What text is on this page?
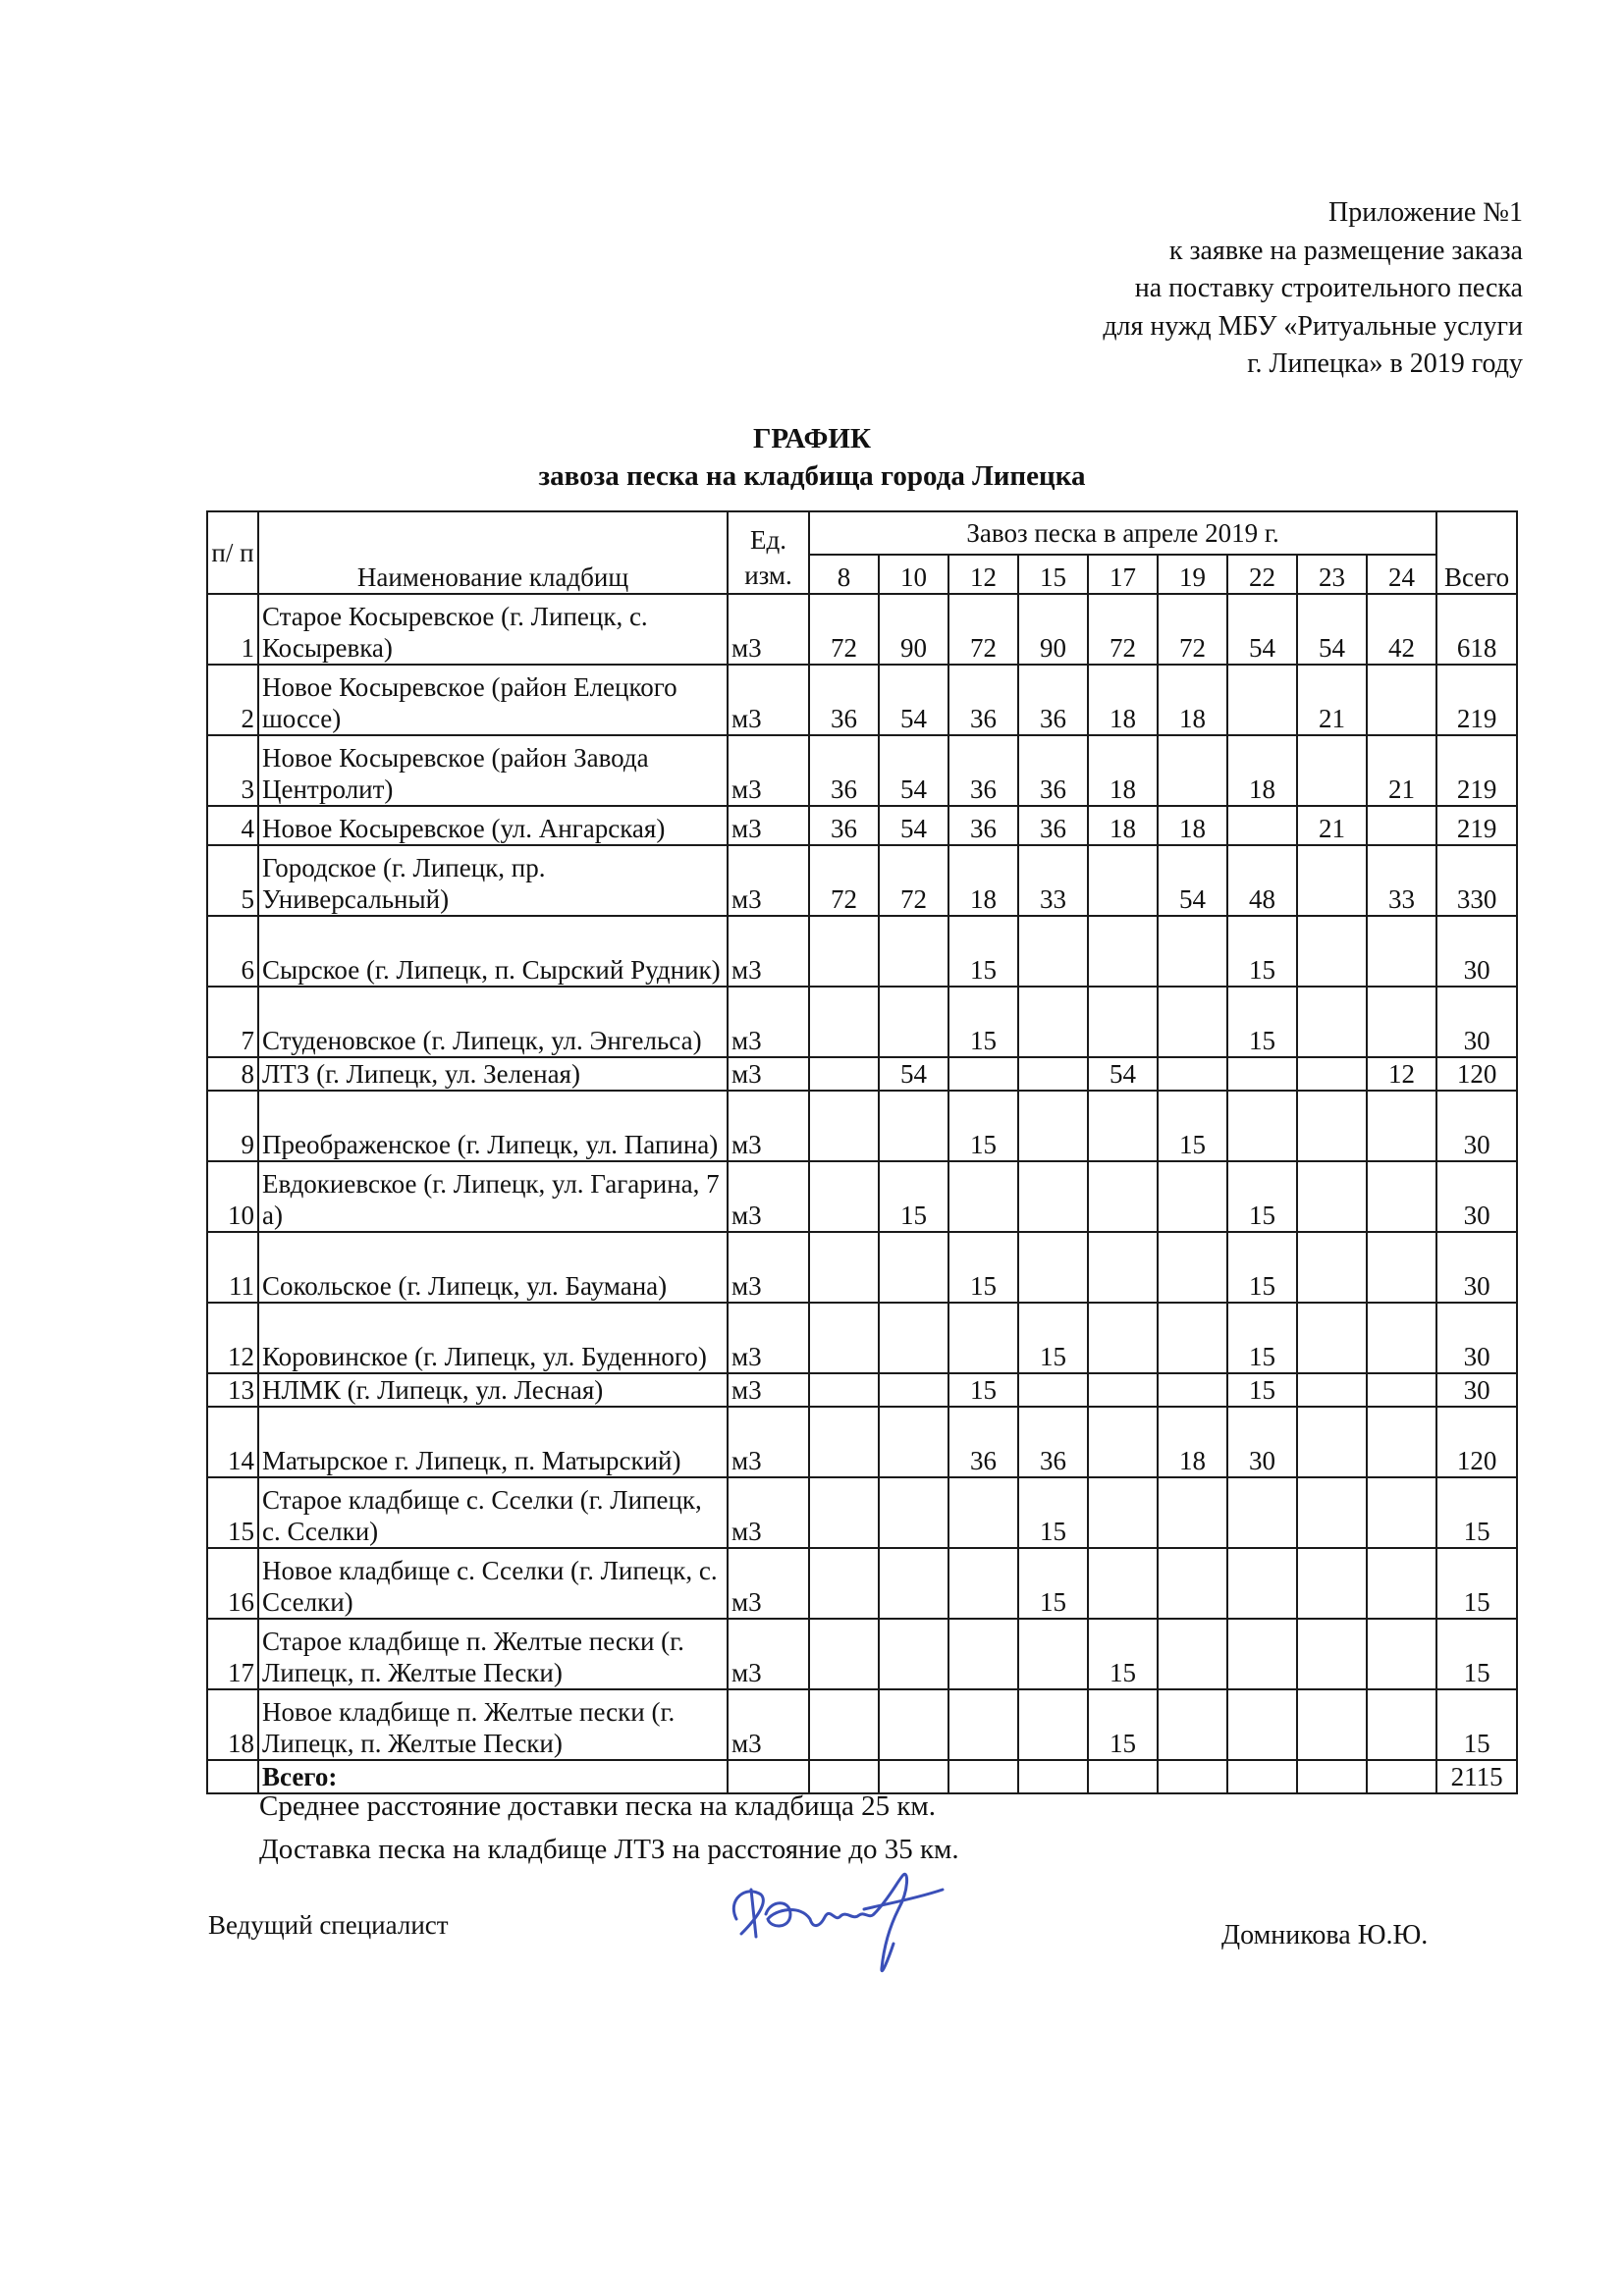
Приложение №1
к заявке на размещение заказа
на поставку строительного песка
для нужд МБУ «Ритуальные услуги
г. Липецка» в 2019 году
ГРАФИК
завоза песка на кладбища города Липецка
п/ п	Наименование кладбищ	Ед. изм.	Завоз песка в апреле 2019 г.									Всего
			8	10	12	15	17	19	22	23	24	
1	Старое Косыревское (г. Липецк, с. Косыревка)	м3	72	90	72	90	72	72	54	54	42	618
2	Новое Косыревское (район Елецкого шоссе)	м3	36	54	36	36	18	18		21		219
3	Новое Косыревское (район Завода Центролит)	м3	36	54	36	36	18		18		21	219
4	Новое Косыревское (ул. Ангарская)	м3	36	54	36	36	18	18		21		219
5	Городское (г. Липецк, пр. Универсальный)	м3	72	72	18	33		54	48		33	330
6	Сырское (г. Липецк, п. Сырский Рудник)	м3			15				15			30
7	Студеновское (г. Липецк, ул. Энгельса)	м3			15				15			30
8	ЛТЗ (г. Липецк, ул. Зеленая)	м3		54			54				12	120
9	Преображенское (г. Липецк, ул. Папина)	м3			15			15				30
10	Евдокиевское (г. Липецк, ул. Гагарина, 7 а)	м3		15					15			30
11	Сокольское (г. Липецк, ул. Баумана)	м3			15				15			30
12	Коровинское (г. Липецк, ул. Буденного)	м3				15			15			30
13	НЛМК (г. Липецк, ул. Лесная)	м3			15				15			30
14	Матырское г. Липецк, п. Матырский)	м3			36	36		18	30			120
15	Старое кладбище с. Сселки (г. Липецк, с. Сселки)	м3				15						15
16	Новое кладбище с. Сселки (г. Липецк, с. Сселки)	м3				15						15
17	Старое кладбище п. Желтые пески (г. Липецк, п. Желтые Пески)	м3					15					15
18	Новое кладбище п. Желтые пески (г. Липецк, п. Желтые Пески)	м3					15					15
	Всего:											2115
Среднее расстояние доставки песка на кладбища 25 км.
Доставка песка на кладбище ЛТЗ на расстояние до 35 км.
Ведущий специалист	Домникова Ю.Ю.
